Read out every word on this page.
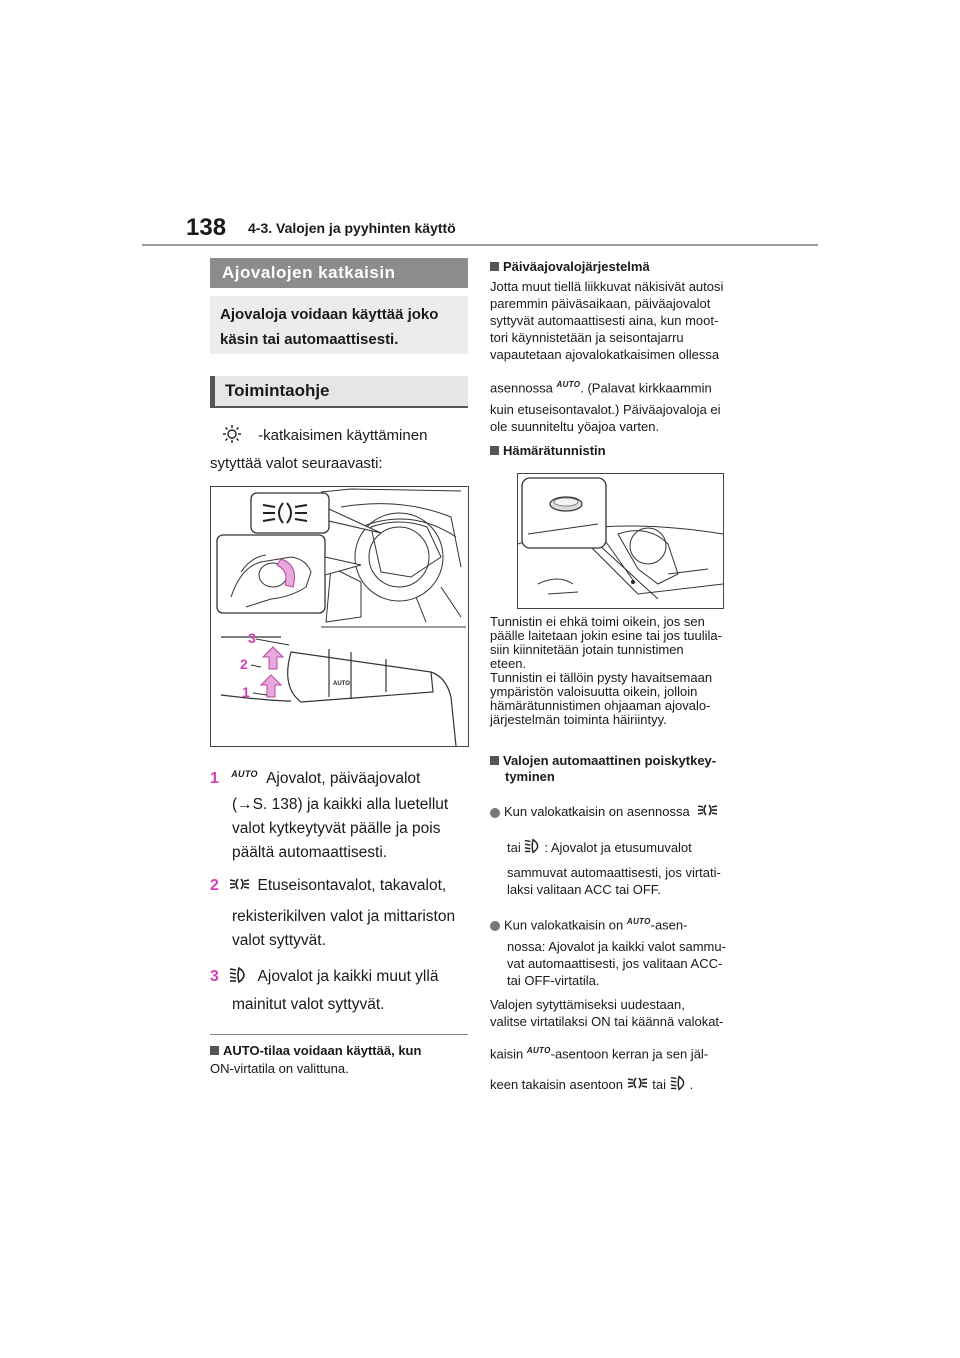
138 4-3. Valojen ja pyyhinten käyttö
Ajovalojen katkaisin
Ajovaloja voidaan käyttää joko käsin tai automaattisesti.
Toimintaohje
-katkaisimen käyttäminen
sytyttää valot seuraavasti:
AUTO
3
2
1
1 $^{AUTO}$ Ajovalot, päiväajovalot
(→S. 138) ja kaikki alla luetellut
valot kytkeytyvät päälle ja pois
päältä automaattisesti.
2 Etuseisontavalot, takavalot,
rekisterikilven valot ja mittariston
valot syttyvät.
3 Ajovalot ja kaikki muut yllä
mainitut valot syttyvät.
AUTO-tilaa voidaan käyttää, kun
ON-virtatila on valittuna.
Päiväajovalojärjestelmä
Jotta muut tiellä liikkuvat näkisivät autosi
paremmin päiväsaikaan, päiväajovalot
syttyvät automaattisesti aina, kun moot-
tori käynnistetään ja seisontajarru
vapautetaan ajovalokatkaisimen ollessa
asennossa $^{AUTO}$. (Palavat kirkkaammin
kuin etuseisontavalot.) Päiväajovaloja ei
ole suunniteltu yöajoa varten.
Hämärätunnistin
Tunnistin ei ehkä toimi oikein, jos sen
päälle laitetaan jokin esine tai jos tuulila-
siin kiinnitetään jotain tunnistimen
eteen.
Tunnistin ei tällöin pysty havaitsemaan
ympäristön valoisuutta oikein, jolloin
hämärätunnistimen ohjaaman ajovalo-
järjestelmän toiminta häiriintyy.
Valojen automaattinen poiskytkey-
tyminen
Kun valokatkaisin on asennossa
tai : Ajovalot ja etusumuvalot
sammuvat automaattisesti, jos virtati-
laksi valitaan ACC tai OFF.
Kun valokatkaisin on $^{AUTO}$-asen-
nossa: Ajovalot ja kaikki valot sammu-
vat automaattisesti, jos valitaan ACC-
tai OFF-virtatila.
Valojen sytyttämiseksi uudestaan,
valitse virtatilaksi ON tai käännä valokat-
kaisin $^{AUTO}$-asentoon kerran ja sen jäl-
keen takaisin asentoon tai .
